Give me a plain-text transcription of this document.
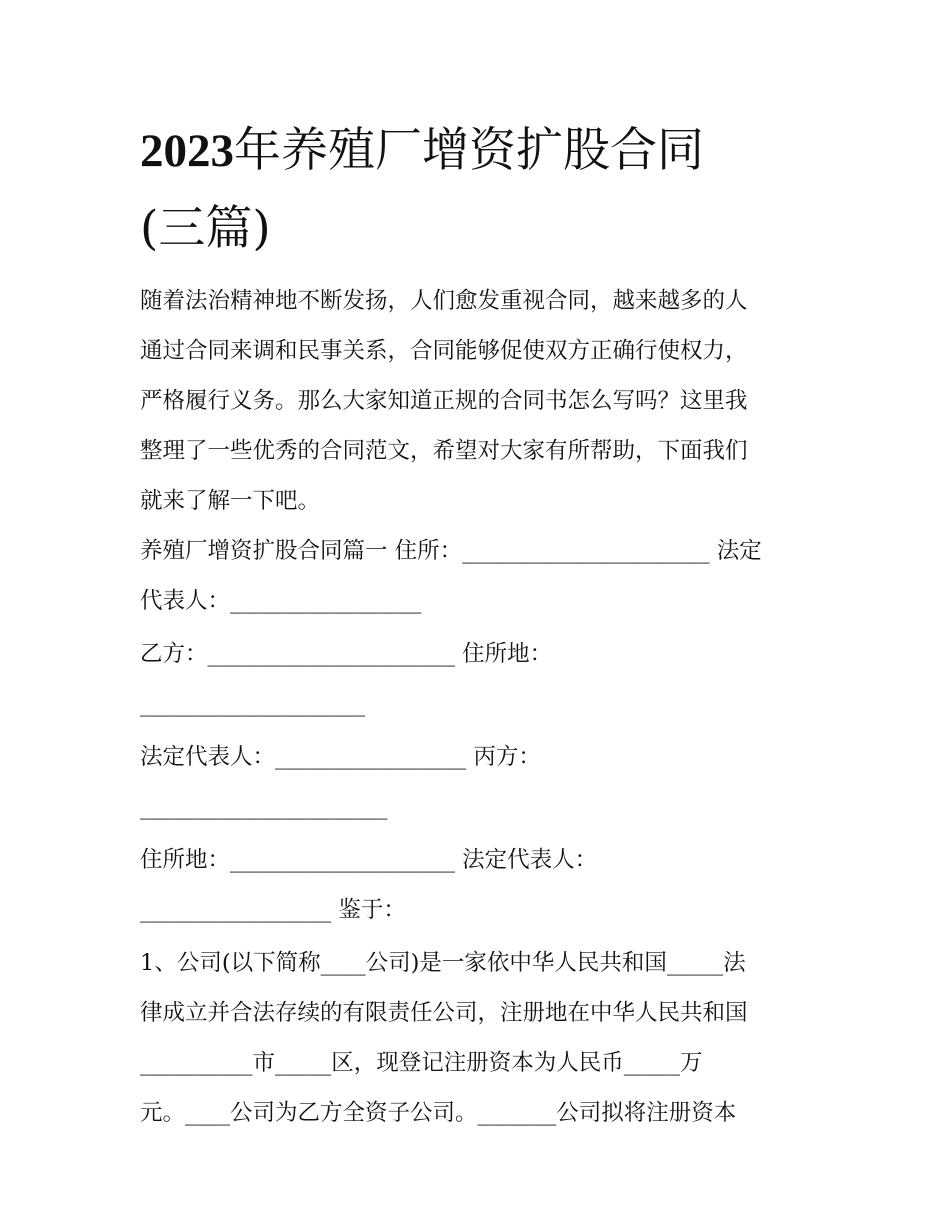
2023年养殖厂增资扩股合同
(三篇)
随着法治精神地不断发扬，人们愈发重视合同，越来越多的人
通过合同来调和民事关系，合同能够促使双方正确行使权力，
严格履行义务。那么大家知道正规的合同书怎么写吗？这里我
整理了一些优秀的合同范文，希望对大家有所帮助，下面我们
就来了解一下吧。
养殖厂增资扩股合同篇一 住所：______________________ 法定
代表人：_________________
乙方：______________________ 住所地：
____________________
法定代表人：_________________ 丙方：
______________________
住所地：____________________ 法定代表人：
_________________ 鉴于：
1、公司(以下简称____公司)是一家依中华人民共和国_____法
律成立并合法存续的有限责任公司，注册地在中华人民共和国
__________市_____区，现登记注册资本为人民币_____万
元。____公司为乙方全资子公司。_______公司拟将注册资本
